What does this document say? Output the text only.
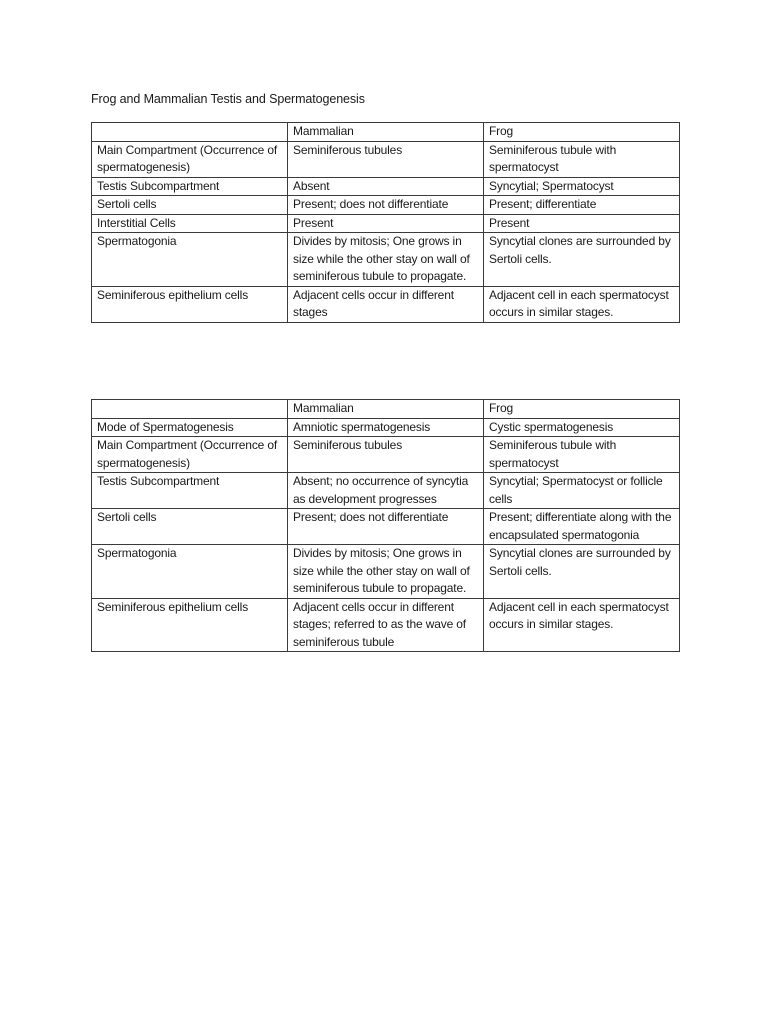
Frog and Mammalian Testis and Spermatogenesis
	Mammalian	Frog
Main Compartment (Occurrence of spermatogenesis)	Seminiferous tubules	Seminiferous tubule with spermatocyst
Testis Subcompartment	Absent	Syncytial; Spermatocyst
Sertoli cells	Present; does not differentiate	Present; differentiate
Interstitial Cells	Present	Present
Spermatogonia	Divides by mitosis; One grows in size while the other stay on wall of seminiferous tubule to propagate.	Syncytial clones are surrounded by Sertoli cells.
Seminiferous epithelium cells	Adjacent cells occur in different stages	Adjacent cell in each spermatocyst occurs in similar stages.
	Mammalian	Frog
Mode of Spermatogenesis	Amniotic spermatogenesis	Cystic spermatogenesis
Main Compartment (Occurrence of spermatogenesis)	Seminiferous tubules	Seminiferous tubule with spermatocyst
Testis Subcompartment	Absent; no occurrence of syncytia as development progresses	Syncytial; Spermatocyst or follicle cells
Sertoli cells	Present; does not differentiate	Present; differentiate along with the encapsulated spermatogonia
Spermatogonia	Divides by mitosis; One grows in size while the other stay on wall of seminiferous tubule to propagate.	Syncytial clones are surrounded by Sertoli cells.
Seminiferous epithelium cells	Adjacent cells occur in different stages; referred to as the wave of seminiferous tubule	Adjacent cell in each spermatocyst occurs in similar stages.
